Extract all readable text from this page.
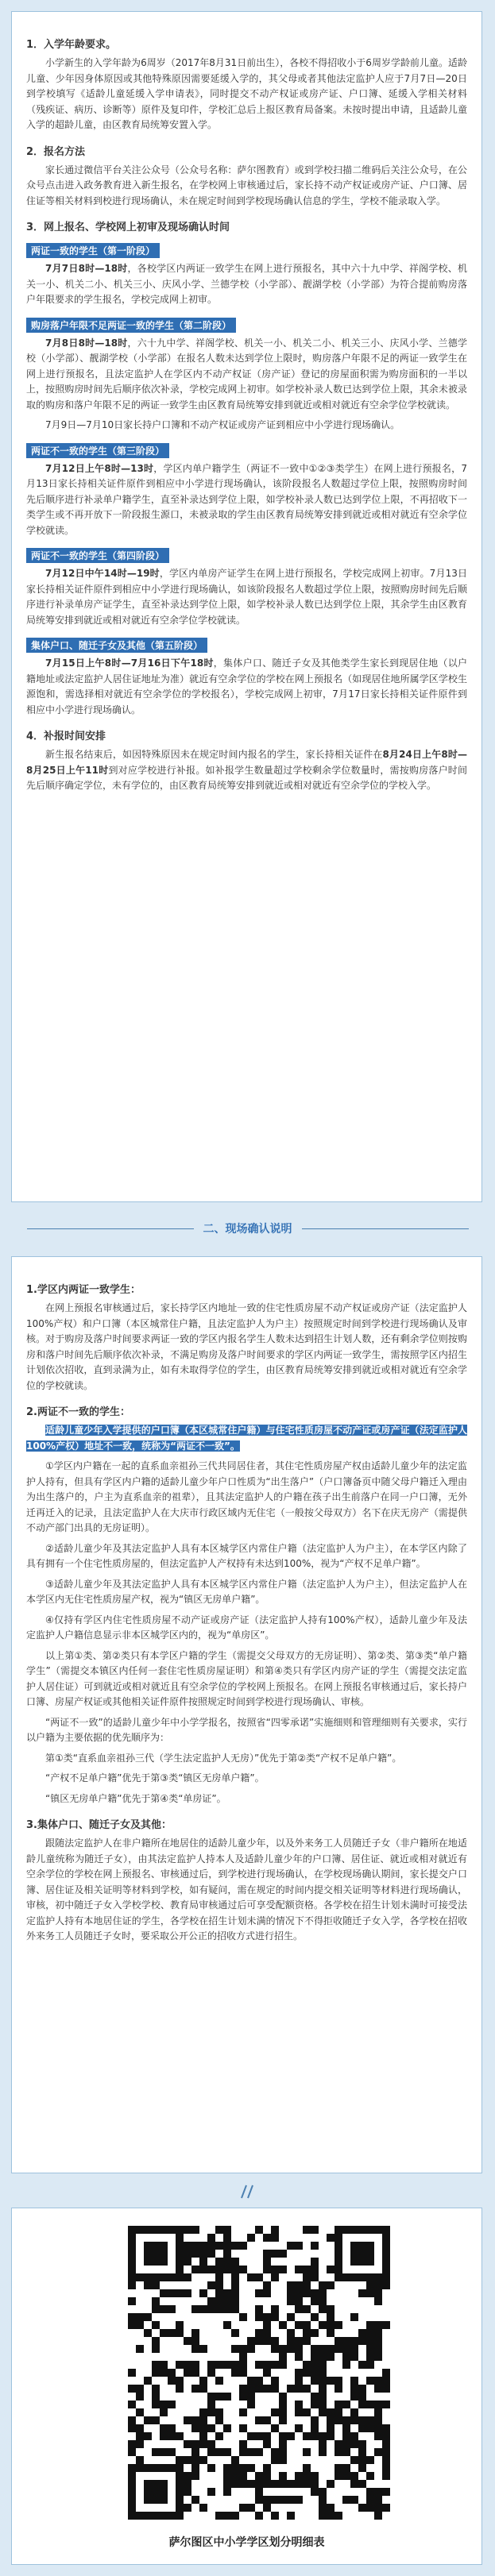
1．入学年龄要求。

小学新生的入学年龄为6周岁（2017年8月31日前出生），各校不得招收小于6周岁学龄前儿童。适龄儿童、少年因身体原因或其他特殊原因需要延缓入学的，其父母或者其他法定监护人应于7月7日—20日到学校填写《适龄儿童延缓入学申请表》，同时提交不动产权证或房产证、户口簿、延缓入学相关材料（残疾证、病历、诊断等）原件及复印件，学校汇总后上报区教育局备案。未按时提出申请，且适龄儿童入学的超龄儿童，由区教育局统筹安置入学。

2．报名方法

家长通过微信平台关注公众号（公众号名称：萨尔图教育）或到学校扫描二维码后关注公众号，在公众号点击进入政务教育进入新生报名，在学校网上审核通过后，家长持不动产权证或房产证、户口簿、居住证等相关材料到校进行现场确认，未在规定时间到学校现场确认信息的学生，学校不能录取入学。

3．网上报名、学校网上初审及现场确认时间
两证一致的学生（第一阶段）

7月7日8时—18时，各校学区内两证一致学生在网上进行预报名，其中六十九中学、祥阁学校、机关一小、机关二小、机关三小、庆风小学、兰德学校（小学部）、靓湖学校（小学部）为符合提前购房落户年限要求的学生报名，学校完成网上初审。

购房落户年限不足两证一致的学生（第二阶段）

7月8日8时—18时，六十九中学、祥阁学校、机关一小、机关二小、机关三小、庆风小学、兰德学校（小学部）、靓湖学校（小学部）在报名人数未达到学位上限时，购房落户年限不足的两证一致学生在网上进行预报名，且法定监护人在学区内不动产权证（房产证）登记的房屋面积需为购房面积的一半以上，按照购房时间先后顺序依次补录，学校完成网上初审。如学校补录人数已达到学位上限，其余未被录取的购房和落户年限不足的两证一致学生由区教育局统筹安排到就近或相对就近有空余学位学校就读。

7月9日—7月10日家长持户口簿和不动产权证或房产证到相应中小学进行现场确认。

两证不一致的学生（第三阶段）

7月12日上午8时—13时，学区内单户籍学生（两证不一致中①②③类学生）在网上进行预报名，7月13日家长持相关证件原件到相应中小学进行现场确认，该阶段报名人数超过学位上限，按照购房时间先后顺序进行补录单户籍学生，直至补录达到学位上限，如学校补录人数已达到学位上限，不再招收下一类学生或不再开放下一阶段报生源口，未被录取的学生由区教育局统筹安排到就近或相对就近有空余学位学校就读。

两证不一致的学生（第四阶段）

7月12日中午14时—19时，学区内单房产证学生在网上进行预报名，学校完成网上初审。7月13日家长持相关证件原件到相应中小学进行现场确认，如该阶段报名人数超过学位上限，按照购房时间先后顺序进行补录单房产证学生，直至补录达到学位上限，如学校补录人数已达到学位上限，其余学生由区教育局统筹安排到就近或相对就近有空余学位学校就读。

集体户口、随迁子女及其他（第五阶段）

7月15日上午8时—7月16日下午18时，集体户口、随迁子女及其他类学生家长到现居住地（以户籍地址或法定监护人居住证地址为准）就近有空余学位的学校在网上预报名（如现居住地所属学区学校生源饱和，需选择相对就近有空余学位的学校报名），学校完成网上初审，7月17日家长持相关证件原件到相应中小学进行现场确认。

4．补报时间安排

新生报名结束后，如因特殊原因未在规定时间内报名的学生，家长持相关证件在8月24日上午8时—8月25日上午11时到对应学校进行补报。如补报学生数量超过学校剩余学位数量时，需按购房落户时间先后顺序确定学位，未有学位的，由区教育局统筹安排到就近或相对就近有空余学位的学校入学。

二、现场确认说明
1.学区内两证一致学生：

在网上预报名审核通过后，家长持学区内地址一致的住宅性质房屋不动产权证或房产证（法定监护人100%产权）和户口簿（本区城常住户籍，且法定监护人为户主）按照规定时间到学校进行现场确认及审核。对于购房及落户时间要求两证一致的学区内报名学生人数未达到招生计划人数，还有剩余学位则按购房和落户时间先后顺序依次补录，不满足购房及落户时间要求的学区内两证一致学生，需按照学区内招生计划依次招收，直到录满为止，如有未取得学位的学生，由区教育局统筹安排到就近或相对就近有空余学位的学校就读。

2.两证不一致的学生：

适龄儿童少年入学提供的户口簿（本区城常住户籍）与住宅性质房屋不动产证或房产证（法定监护人100%产权）地址不一致，统称为“两证不一致”。

①学区内户籍在一起的直系血亲祖孙三代共同居住者，其住宅性质房屋产权由适龄儿童少年的法定监护人持有，但具有学区内户籍的适龄儿童少年户口性质为“出生落户”（户口簿备页中随父母户籍迁入理由为出生落户的，户主为直系血亲的祖辈），且其法定监护人的户籍在孩子出生前落户在同一户口簿，无外迁再迁入的记录，且法定监护人在大庆市行政区域内无住宅（一般按父母双方）名下在庆无房产（需提供不动产部门出具的无房证明）。

②适龄儿童少年及其法定监护人具有本区城学区内常住户籍（法定监护人为户主），在本学区内除了具有拥有一个住宅性质房屋的，但法定监护人产权持有未达到100%，视为“产权不足单户籍”。

③适龄儿童少年及其法定监护人具有本区城学区内常住户籍（法定监护人为户主），但法定监护人在本学区内无住宅性质房屋产权，视为“镇区无房单户籍”。

④仅持有学区内住宅性质房屋不动产证或房产证（法定监护人持有100%产权），适龄儿童少年及法定监护人户籍信息显示非本区城学区内的，视为“单房区”。

以上第①类、第②类只有本学区户籍的学生（需提交父母双方的无房证明）、第②类、第③类“单户籍学生”（需提交本镇区内任何一套住宅性质房屋证明）和第④类只有学区内房产证的学生（需提交法定监护人居住证）可到就近或相对就近且有空余学位的学校网上预报名。在网上预报名审核通过后，家长持户口簿、房屋产权证或其他相关证件原件按照规定时间到学校进行现场确认、审核。

“两证不一致”的适龄儿童少年中小学学报名，按照省“四零承诺”实施细则和管理细则有关要求，实行以户籍为主要依据的优先顺序为：

第①类“直系血亲祖孙三代（学生法定监护人无房）”优先于第②类“产权不足单户籍”。

“产权不足单户籍”优先于第③类“镇区无房单户籍”。

“镇区无房单户籍”优先于第④类“单房证”。

3.集体户口、随迁子女及其他：

跟随法定监护人在非户籍所在地居住的适龄儿童少年，以及外来务工人员随迁子女（非户籍所在地适龄儿童统称为随迁子女），由其法定监护人持本人及适龄儿童少年的户口簿、居住证、就近或相对就近有空余学位的学校在网上预报名、审核通过后，到学校进行现场确认，在学校现场确认期间，家长提交户口簿、居住证及相关证明等材料到学校，如有疑问，需在规定的时间内提交相关证明等材料进行现场确认，审核，初中随迁子女入学校学校、教育局审核通过后可享受配额资格。各学校在招生计划未满时可接受法定监护人持有本地居住证的学生，各学校在招生计划未满的情况下不得拒收随迁子女入学，各学校在招收外来务工人员随迁子女时，要采取公开公正的招收方式进行招生。

萨尔图区中小学学区划分明细表
